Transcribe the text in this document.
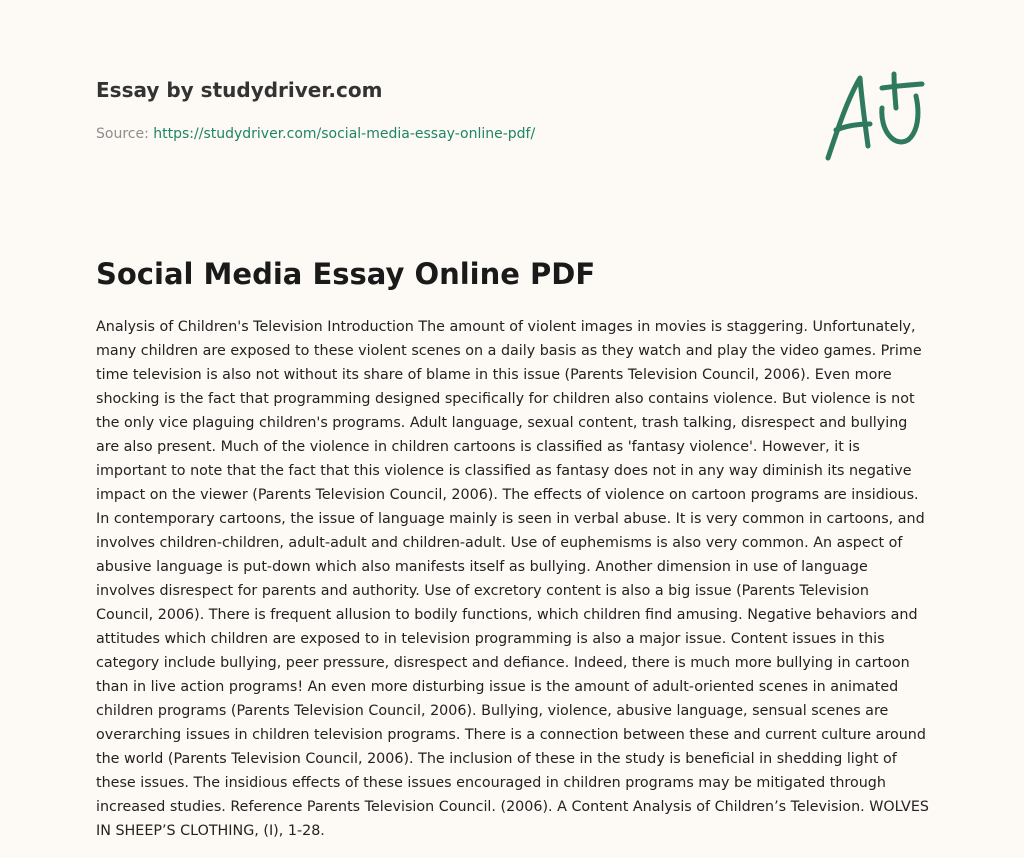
Essay by studydriver.com
Source: https://studydriver.com/social-media-essay-online-pdf/
Social Media Essay Online PDF

Analysis of Children's Television Introduction The amount of violent images in movies is staggering. Unfortunately, many children are exposed to these violent scenes on a daily basis as they watch and play the video games. Prime time television is also not without its share of blame in this issue (Parents Television Council, 2006). Even more shocking is the fact that programming designed specifically for children also contains violence. But violence is not the only vice plaguing children's programs. Adult language, sexual content, trash talking, disrespect and bullying are also present. Much of the violence in children cartoons is classified as 'fantasy violence'. However, it is important to note that the fact that this violence is classified as fantasy does not in any way diminish its negative impact on the viewer (Parents Television Council, 2006). The effects of violence on cartoon programs are insidious. In contemporary cartoons, the issue of language mainly is seen in verbal abuse. It is very common in cartoons, and involves children-children, adult-adult and children-adult. Use of euphemisms is also very common. An aspect of abusive language is put-down which also manifests itself as bullying. Another dimension in use of language involves disrespect for parents and authority. Use of excretory content is also a big issue (Parents Television Council, 2006). There is frequent allusion to bodily functions, which children find amusing. Negative behaviors and attitudes which children are exposed to in television programming is also a major issue. Content issues in this category include bullying, peer pressure, disrespect and defiance. Indeed, there is much more bullying in cartoon than in live action programs! An even more disturbing issue is the amount of adult-oriented scenes in animated children programs (Parents Television Council, 2006). Bullying, violence, abusive language, sensual scenes are overarching issues in children television programs. There is a connection between these and current culture around the world (Parents Television Council, 2006). The inclusion of these in the study is beneficial in shedding light of these issues. The insidious effects of these issues encouraged in children programs may be mitigated through increased studies. Reference Parents Television Council. (2006). A Content Analysis of Children’s Television. WOLVES IN SHEEP’S CLOTHING, (I), 1-28.
